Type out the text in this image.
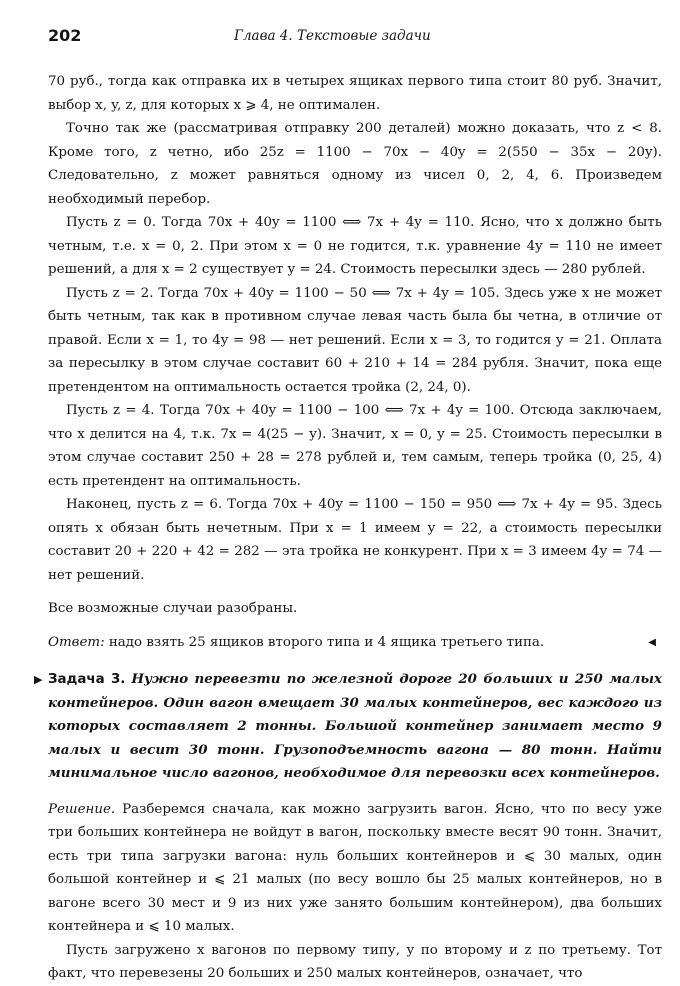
202	Глава 4. Текстовые задачи

70 руб., тогда как отправка их в четырех ящиках первого типа стоит 80 руб. Значит, выбор x, y, z, для которых x ⩾ 4, не оптимален.

Точно так же (рассматривая отправку 200 деталей) можно доказать, что z < 8. Кроме того, z четно, ибо 25z = 1100 − 70x − 40y = 2(550 − 35x − 20y). Следовательно, z может равняться одному из чисел 0, 2, 4, 6. Произведем необходимый перебор.

Пусть z = 0. Тогда 70x + 40y = 1100 ⟺ 7x + 4y = 110. Ясно, что x должно быть четным, т.е. x = 0, 2. При этом x = 0 не годится, т.к. уравнение 4y = 110 не имеет решений, а для x = 2 существует y = 24. Стоимость пересылки здесь — 280 рублей.

Пусть z = 2. Тогда 70x + 40y = 1100 − 50 ⟺ 7x + 4y = 105. Здесь уже x не может быть четным, так как в противном случае левая часть была бы четна, в отличие от правой. Если x = 1, то 4y = 98 — нет решений. Если x = 3, то годится y = 21. Оплата за пересылку в этом случае составит 60 + 210 + 14 = 284 рубля. Значит, пока еще претендентом на оптимальность остается тройка (2, 24, 0).

Пусть z = 4. Тогда 70x + 40y = 1100 − 100 ⟺ 7x + 4y = 100. Отсюда заключаем, что x делится на 4, т.к. 7x = 4(25 − y). Значит, x = 0, y = 25. Стоимость пересылки в этом случае составит 250 + 28 = 278 рублей и, тем самым, теперь тройка (0, 25, 4) есть претендент на оптимальность.

Наконец, пусть z = 6. Тогда 70x + 40y = 1100 − 150 = 950 ⟺ 7x + 4y = 95. Здесь опять x обязан быть нечетным. При x = 1 имеем y = 22, а стоимость пересылки составит 20 + 220 + 42 = 282 — эта тройка не конкурент. При x = 3 имеем 4y = 74 — нет решений.

Все возможные случаи разобраны.

Ответ: надо взять 25 ящиков второго типа и 4 ящика третьего типа.	◀

▶ Задача 3. Нужно перевезти по железной дороге 20 больших и 250 малых контейнеров. Один вагон вмещает 30 малых контейнеров, вес каждого из которых составляет 2 тонны. Большой контейнер занимает место 9 малых и весит 30 тонн. Грузоподъемность вагона — 80 тонн. Найти минимальное число вагонов, необходимое для перевозки всех контейнеров.

Решение. Разберемся сначала, как можно загрузить вагон. Ясно, что по весу уже три больших контейнера не войдут в вагон, поскольку вместе весят 90 тонн. Значит, есть три типа загрузки вагона: нуль больших контейнеров и ⩽ 30 малых, один большой контейнер и ⩽ 21 малых (по весу вошло бы 25 малых контейнеров, но в вагоне всего 30 мест и 9 из них уже занято большим контейнером), два больших контейнера и ⩽ 10 малых.

Пусть загружено x вагонов по первому типу, y по второму и z по третьему. Тот факт, что перевезены 20 больших и 250 малых контейнеров, означает, что
